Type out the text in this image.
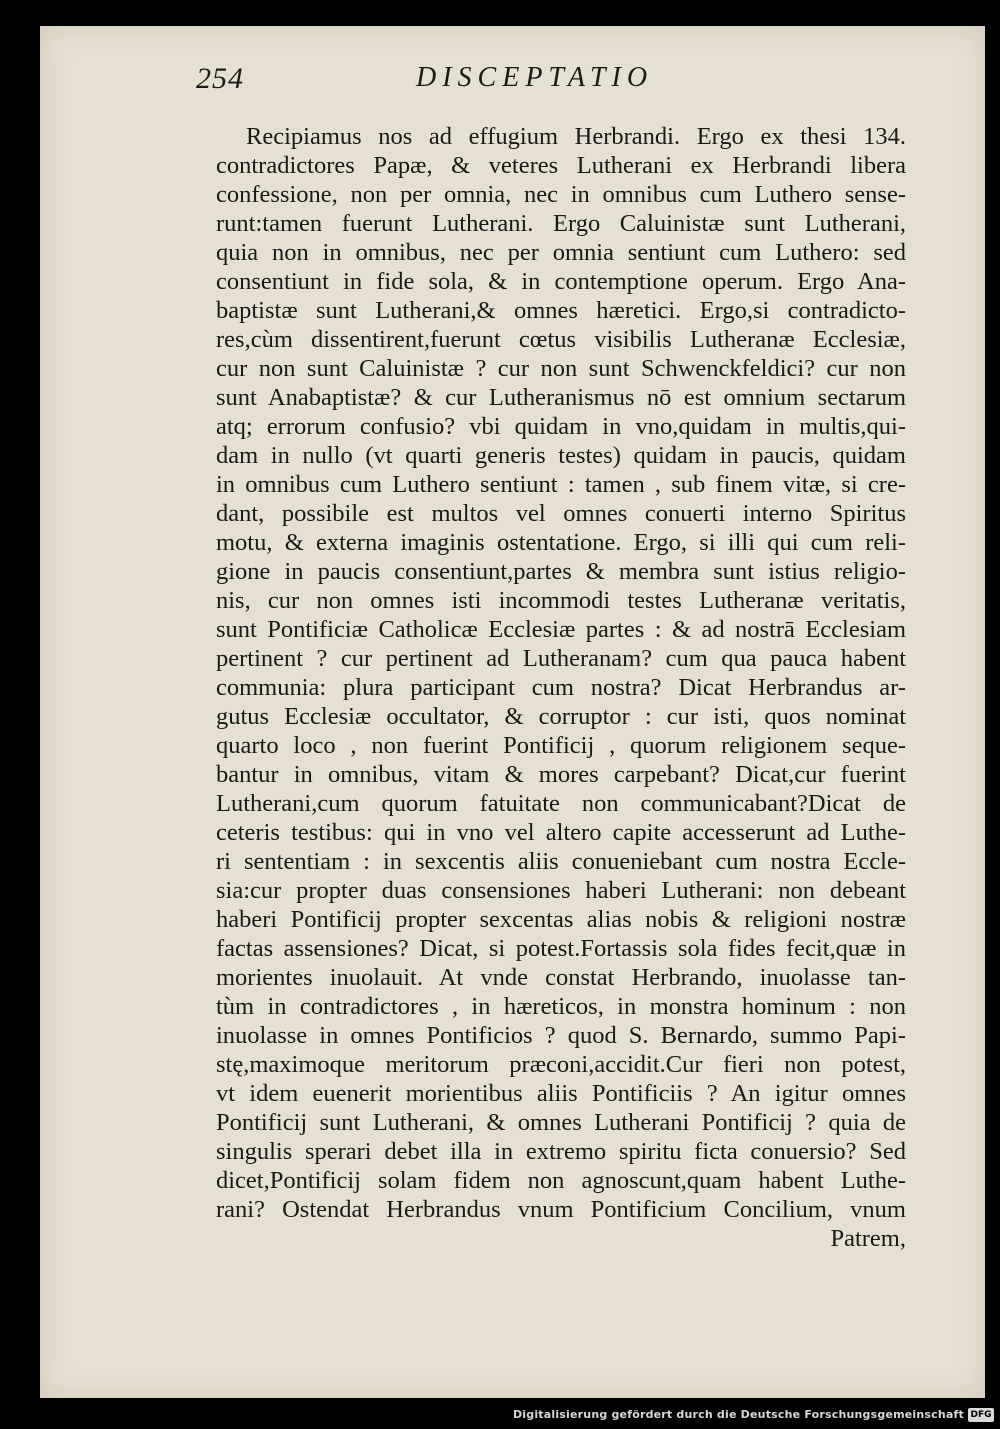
254	DISCEPTATIO
Recipiamus nos ad effugium Herbrandi. Ergo ex thesi 134.
contradictores Papæ, & veteres Lutherani ex Herbrandi libera
confessione, non per omnia, nec in omnibus cum Luthero sense-
runt:tamen fuerunt Lutherani. Ergo Caluinistæ sunt Lutherani,
quia non in omnibus, nec per omnia sentiunt cum Luthero: sed
consentiunt in fide sola, & in contemptione operum. Ergo Ana-
baptistæ sunt Lutherani,& omnes hæretici. Ergo,si contradicto-
res,cùm dissentirent,fuerunt cœtus visibilis Lutheranæ Ecclesiæ,
cur non sunt Caluinistæ ? cur non sunt Schwenckfeldici? cur non
sunt Anabaptistæ? & cur Lutheranismus nō est omnium sectarum
atq; errorum confusio? vbi quidam in vno,quidam in multis,qui-
dam in nullo (vt quarti generis testes) quidam in paucis, quidam
in omnibus cum Luthero sentiunt : tamen , sub finem vitæ, si cre-
dant, possibile est multos vel omnes conuerti interno Spiritus
motu, & externa imaginis ostentatione. Ergo, si illi qui cum reli-
gione in paucis consentiunt,partes & membra sunt istius religio-
nis, cur non omnes isti incommodi testes Lutheranæ veritatis,
sunt Pontificiæ Catholicæ Ecclesiæ partes : & ad nostrā Ecclesiam
pertinent ? cur pertinent ad Lutheranam? cum qua pauca habent
communia: plura participant cum nostra? Dicat Herbrandus ar-
gutus Ecclesiæ occultator, & corruptor : cur isti, quos nominat
quarto loco , non fuerint Pontificij , quorum religionem seque-
bantur in omnibus, vitam & mores carpebant? Dicat,cur fuerint
Lutherani,cum quorum fatuitate non communicabant?Dicat de
ceteris testibus: qui in vno vel altero capite accesserunt ad Luthe-
ri sententiam : in sexcentis aliis conueniebant cum nostra Eccle-
sia:cur propter duas consensiones haberi Lutherani: non debeant
haberi Pontificij propter sexcentas alias nobis & religioni nostræ
factas assensiones? Dicat, si potest.Fortassis sola fides fecit,quæ in
morientes inuolauit. At vnde constat Herbrando, inuolasse tan-
tùm in contradictores , in hæreticos, in monstra hominum : non
inuolasse in omnes Pontificios ? quod S. Bernardo, summo Papi-
stę,maximoque meritorum præconi,accidit.Cur fieri non potest,
vt idem euenerit morientibus aliis Pontificiis ? An igitur omnes
Pontificij sunt Lutherani, & omnes Lutherani Pontificij ? quia de
singulis sperari debet illa in extremo spiritu ficta conuersio? Sed
dicet,Pontificij solam fidem non agnoscunt,quam habent Luthe-
rani? Ostendat Herbrandus vnum Pontificium Concilium, vnum
Patrem,
Digitalisierung gefördert durch die Deutsche Forschungsgemeinschaft DFG
